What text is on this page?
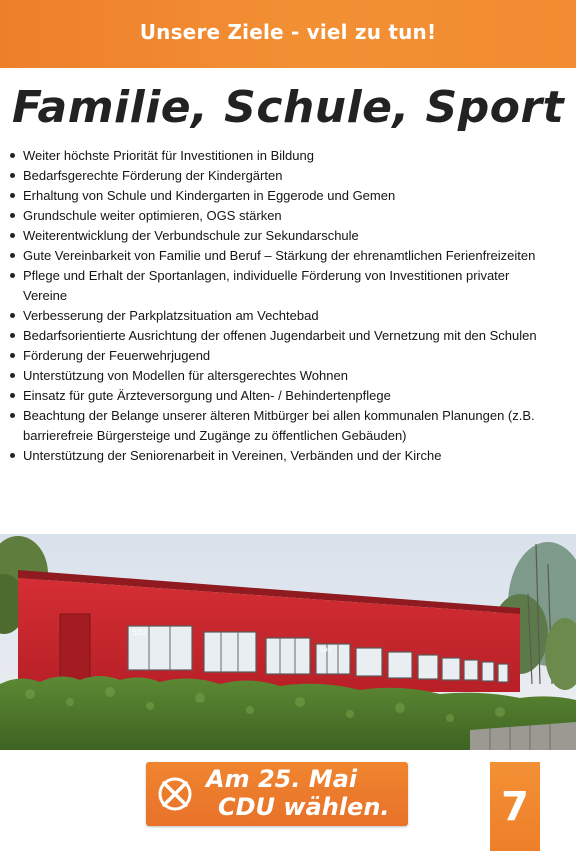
Unsere Ziele - viel zu tun!
Familie, Schule, Sport
Weiter höchste Priorität für Investitionen in Bildung
Bedarfsgerechte Förderung der Kindergärten
Erhaltung von Schule und Kindergarten in Eggerode und Gemen
Grundschule weiter optimieren, OGS stärken
Weiterentwicklung der Verbundschule zur Sekundarschule
Gute Vereinbarkeit von Familie und Beruf – Stärkung der ehrenamtlichen Ferienfreizeiten
Pflege und Erhalt der Sportanlagen, individuelle Förderung von Investitionen privater Vereine
Verbesserung der Parkplatzsituation am Vechtebad
Bedarfsorientierte Ausrichtung der offenen Jugendarbeit und Vernetzung mit den Schulen
Förderung der Feuerwehrjugend
Unterstützung von Modellen für altersgerechtes Wohnen
Einsatz für gute Ärzteversorgung und Alten- / Behindertenpflege
Beachtung der Belange unserer älteren Mitbürger bei allen kommunalen Planungen (z.B. barrierefreie Bürgersteige und Zugänge zu öffentlichen Gebäuden)
Unterstützung der Seniorenarbeit in Vereinen, Verbänden und der Kirche
502
503
Am 25. Mai
CDU wählen.	7
